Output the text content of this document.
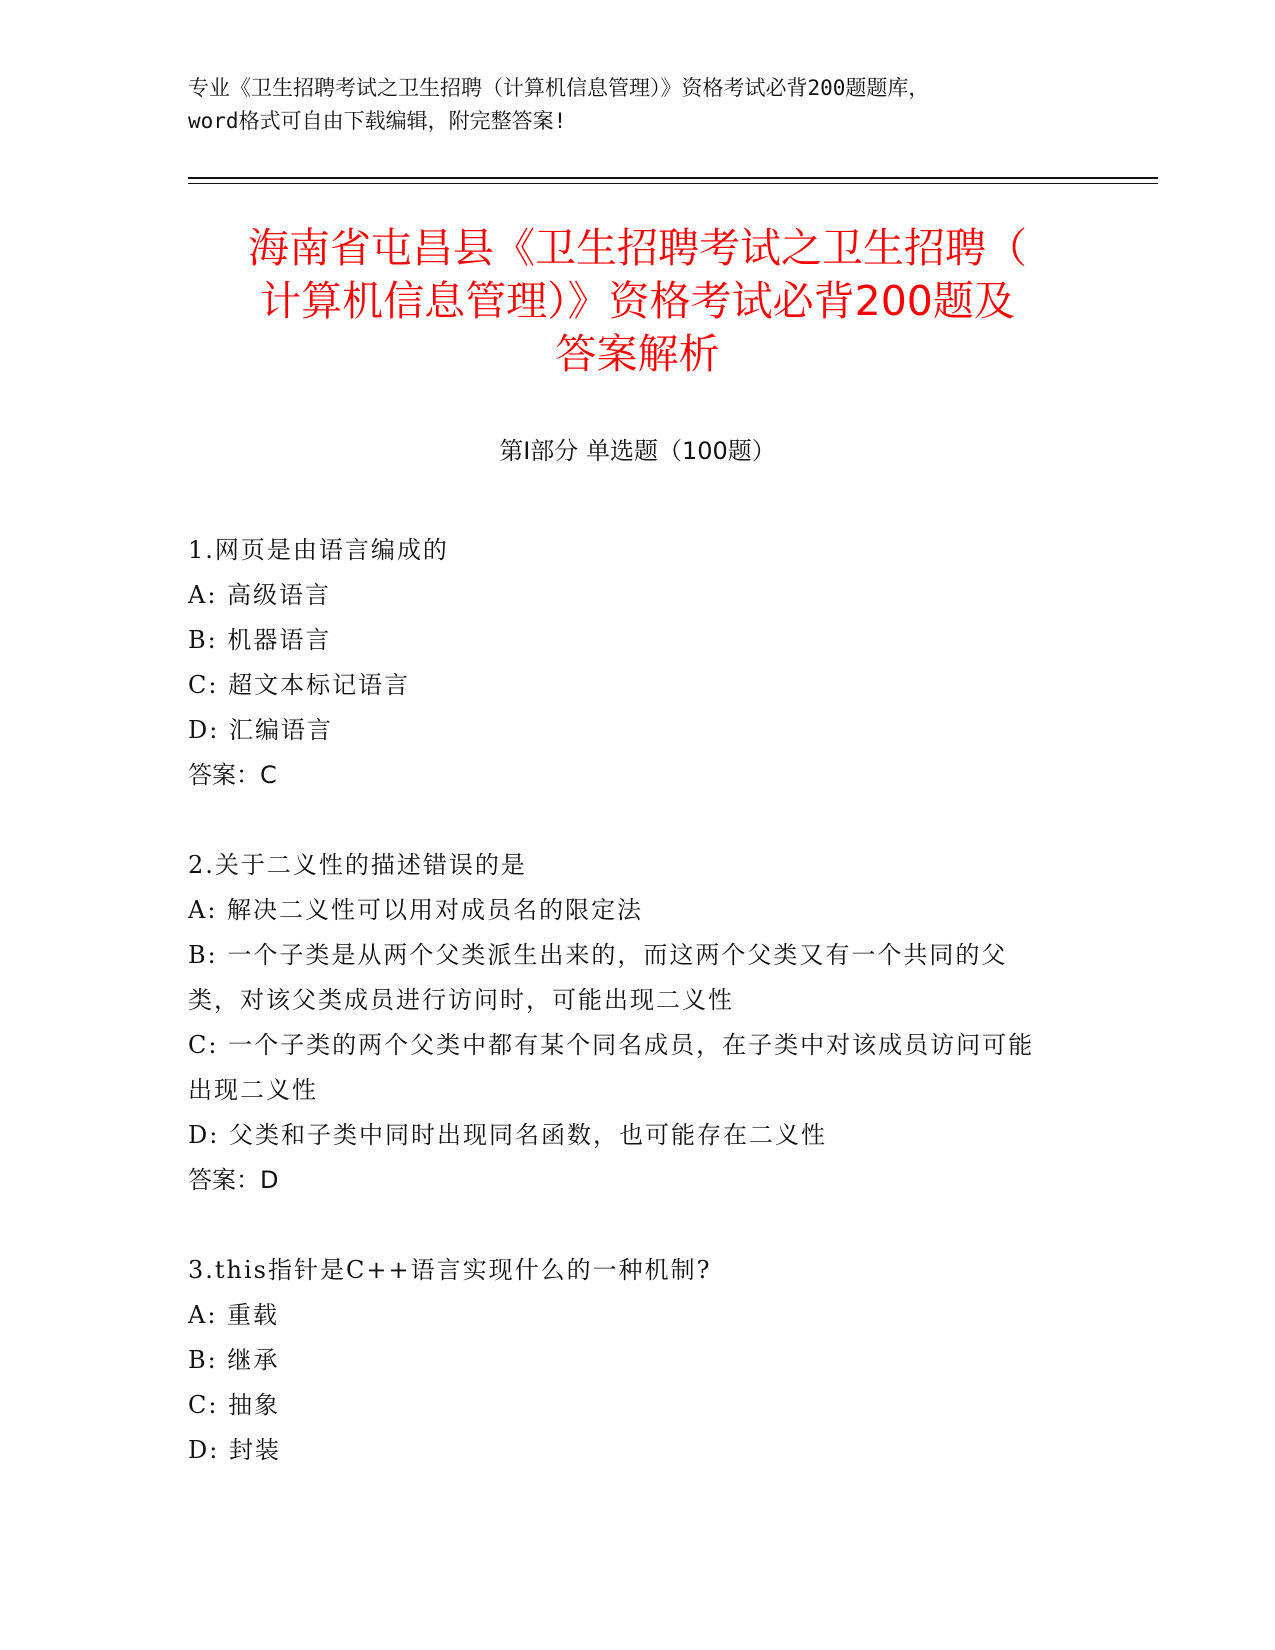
专业《卫生招聘考试之卫生招聘（计算机信息管理）》资格考试必背200题题库，
word格式可自由下载编辑，附完整答案!
海南省屯昌县《卫生招聘考试之卫生招聘（
计算机信息管理）》资格考试必背200题及
答案解析
第Ⅰ部分 单选题（100题）
1.网页是由语言编成的
A: 高级语言
B: 机器语言
C: 超文本标记语言
D: 汇编语言
答案：C
2.关于二义性的描述错误的是
A: 解决二义性可以用对成员名的限定法
B: 一个子类是从两个父类派生出来的，而这两个父类又有一个共同的父类，对该父类成员进行访问时，可能出现二义性
C: 一个子类的两个父类中都有某个同名成员，在子类中对该成员访问可能出现二义性
D: 父类和子类中同时出现同名函数，也可能存在二义性
答案：D
3.this指针是C++语言实现什么的一种机制?
A: 重载
B: 继承
C: 抽象
D: 封装
